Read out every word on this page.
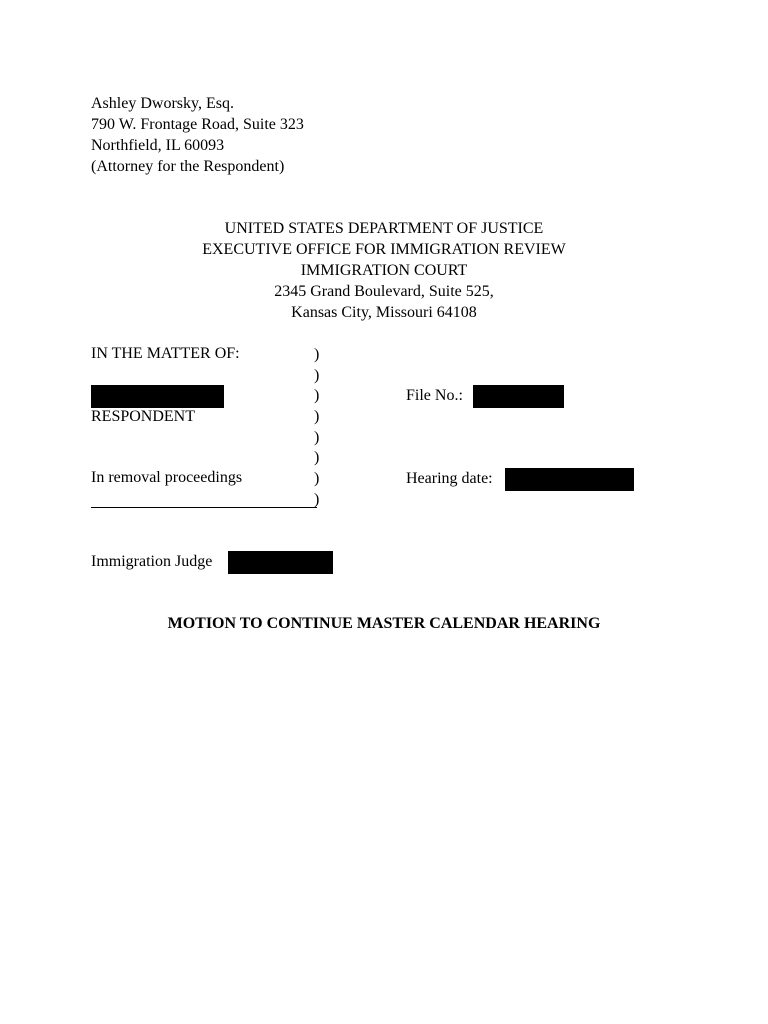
Ashley Dworsky, Esq.
790 W. Frontage Road, Suite 323
Northfield, IL 60093
(Attorney for the Respondent)
UNITED STATES DEPARTMENT OF JUSTICE
EXECUTIVE OFFICE FOR IMMIGRATION REVIEW
IMMIGRATION COURT
2345 Grand Boulevard, Suite 525,
Kansas City, Missouri 64108
IN THE MATTER OF:
RESPONDENT
In removal proceedings
)
)
)
)
)
)
)
)
File No.:
Hearing date:
Immigration Judge
MOTION TO CONTINUE MASTER CALENDAR HEARING
